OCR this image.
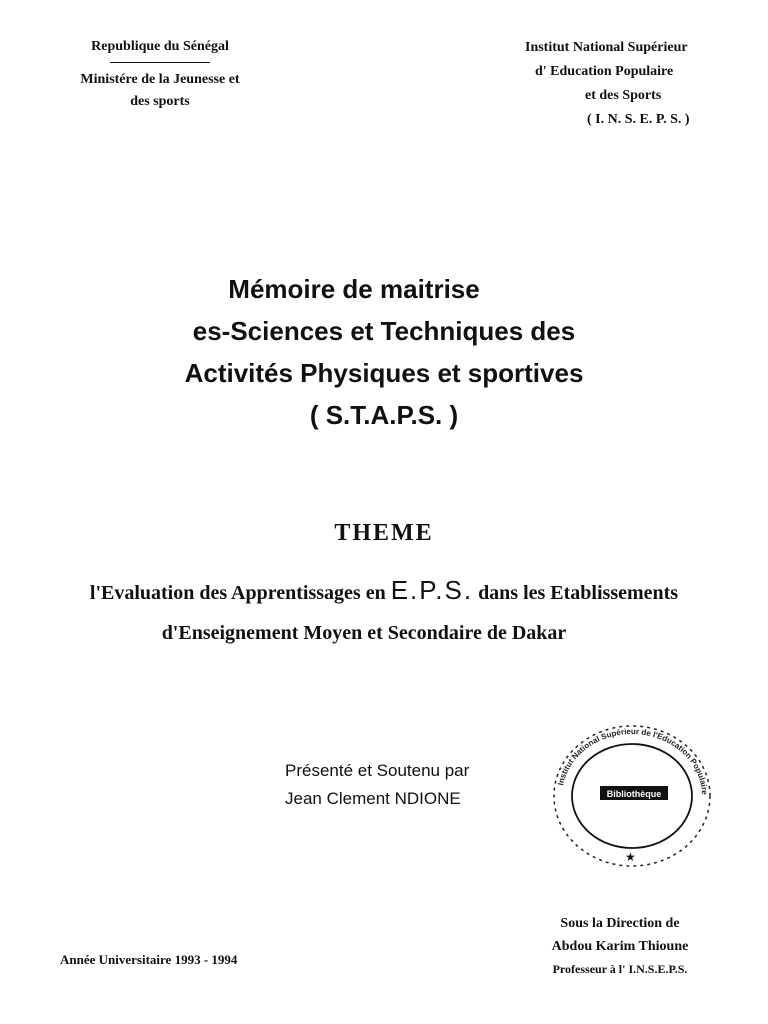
Republique du Sénégal
Ministére de la Jeunesse et
des sports
Institut National Supérieur
d' Education Populaire
et des Sports
( I. N. S. E. P. S. )
Mémoire de maitrise
es-Sciences et Techniques des
Activités Physiques et sportives
( S.T.A.P.S. )
THEME
l'Evaluation des Apprentissages en E.P.S. dans les Etablissements
d'Enseignement Moyen et Secondaire de Dakar
Présenté et Soutenu par
Jean Clement NDIONE
Institut National Supérieur de l'Education Populaire
Bibliothèque
★
Sous la Direction de
Abdou Karim Thioune
Professeur à l' I.N.S.E.P.S.
Année Universitaire 1993 - 1994
